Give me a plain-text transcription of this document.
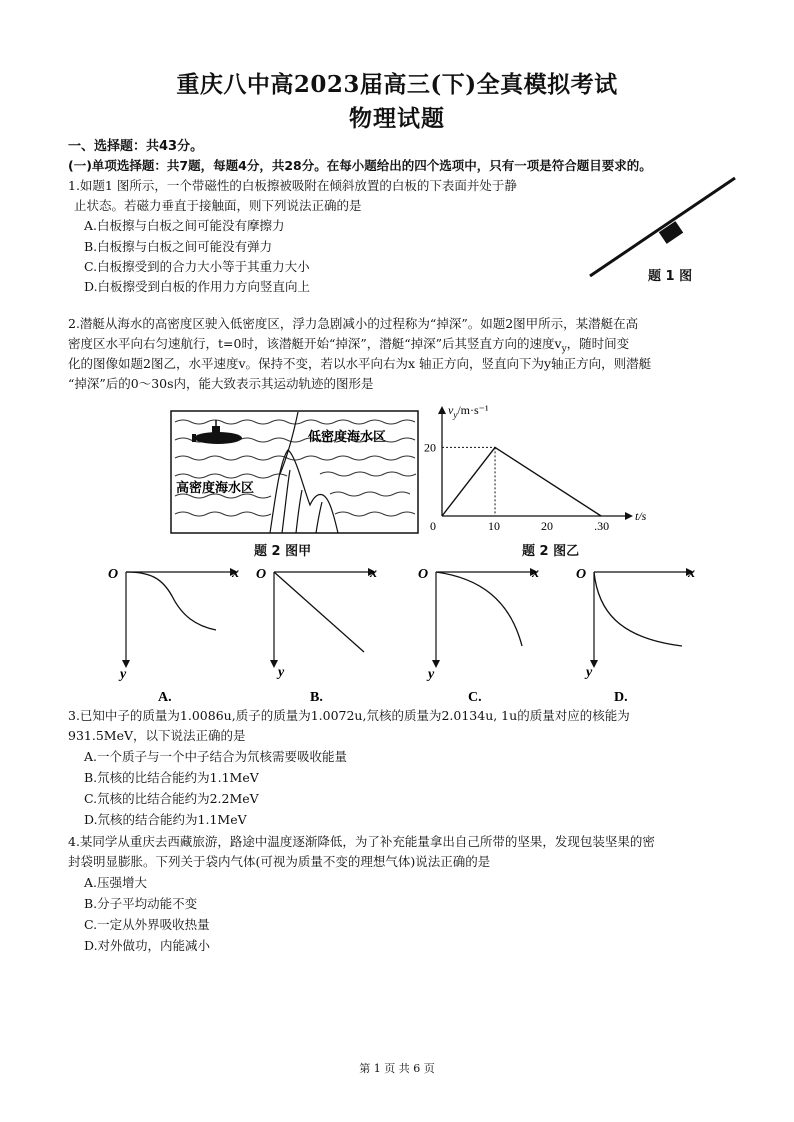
重庆八中高2023届高三(下)全真模拟考试
物理试题
一、选择题：共43分。
(一)单项选择题：共7题，每题4分，共28分。在每小题给出的四个选项中，只有一项是符合题目要求的。
1.如题1 图所示，一个带磁性的白板擦被吸附在倾斜放置的白板的下表面并处于静
止状态。若磁力垂直于接触面，则下列说法正确的是
A.白板擦与白板之间可能没有摩擦力
B.白板擦与白板之间可能没有弹力
C.白板擦受到的合力大小等于其重力大小
D.白板擦受到白板的作用力方向竖直向上
题 1 图
2.潜艇从海水的高密度区驶入低密度区，浮力急剧减小的过程称为“掉深”。如题2图甲所示，某潜艇在高
密度区水平向右匀速航行，t=0时，该潜艇开始“掉深”，潜艇“掉深”后其竖直方向的速度$v_y$，随时间变
化的图像如题2图乙，水平速度v。保持不变，若以水平向右为x 轴正方向，竖直向下为y轴正方向，则潜艇
“掉深”后的0～30s内，能大致表示其运动轨迹的图形是
低密度海水区
高密度海水区
题 2 图甲
$v_y/m\cdot s^{-1}$
t/s
0	10	20	.30
20
题 2 图乙
O	x
y
A.
O	x
y
B.
O	x
y
C.
O	x
y
D.
3.已知中子的质量为1.0086u,质子的质量为1.0072u,氘核的质量为2.0134u, 1u的质量对应的核能为
931.5MeV，以下说法正确的是
A.一个质子与一个中子结合为氘核需要吸收能量
B.氘核的比结合能约为1.1MeV
C.氘核的比结合能约为2.2MeV
D.氘核的结合能约为1.1MeV
4.某同学从重庆去西藏旅游，路途中温度逐渐降低，为了补充能量拿出自己所带的坚果，发现包装坚果的密
封袋明显膨胀。下列关于袋内气体(可视为质量不变的理想气体)说法正确的是
A.压强增大
B.分子平均动能不变
C.一定从外界吸收热量
D.对外做功，内能减小
第 1 页 共 6 页
